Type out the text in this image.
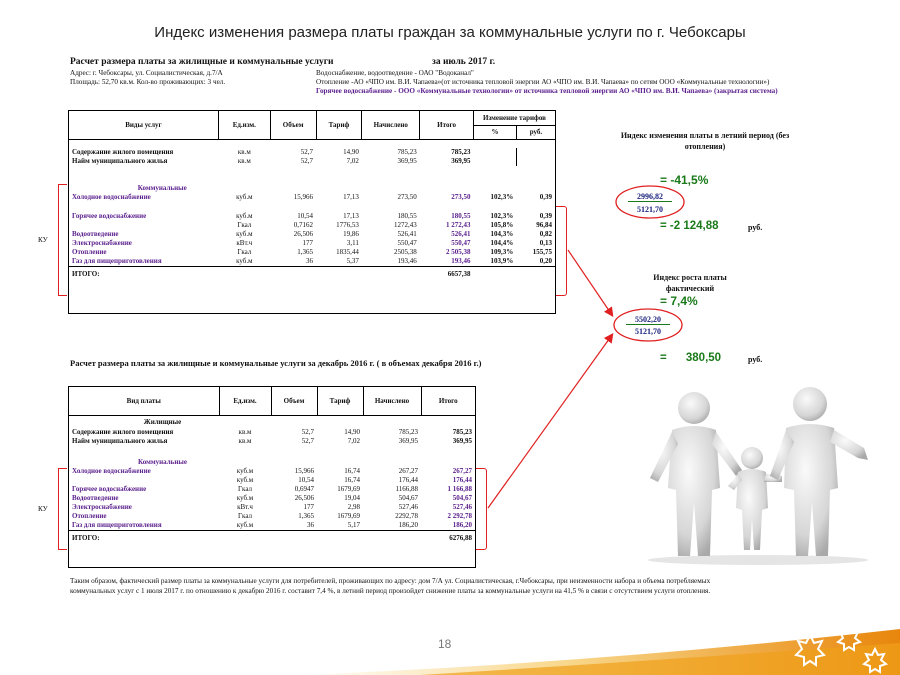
Индекс изменения размера платы граждан за коммунальные услуги по г. Чебоксары
Расчет размера платы за жилищные и коммунальные услуги	за июль 2017 г.
Адрес: г. Чебоксары, ул. Социалистическая, д.7/А
Площадь: 52,70 кв.м. Кол-во проживающих: 3 чел.
Водоснабжение, водоотведение - ОАО "Водоканал"
Отопление -АО «ЧПО им. В.И. Чапаева»(от источника тепловой энергии АО «ЧПО им. В.И. Чапаева» по сетям ООО «Коммунальные технологии»)
Горячее водоснабжение - ООО «Коммунальные технологии» от источника тепловой энергии АО «ЧПО им. В.И. Чапаева» (закрытая система)
Виды услуг	Ед.изм.	Объем	Тариф	Начислено	Итого	Изменение тарифов
% руб.	

Содержание жилого помещения	кв.м	52,7	14,90	785,23	785,23		
Найм муниципального жилья	кв.м	52,7	7,02	369,95	369,95		

Коммунальные							
Холодное водоснабжение	куб.м	15,966	17,13	273,50	273,50	102,3%	0,39

Горячее водоснабжение	куб.м	10,54	17,13	180,55	180,55	102,3%	0,39
	Гкал	0,7162	1776,53	1272,43	1 272,43	105,8%	96,84
Водоотведение	куб.м	26,506	19,86	526,41	526,41	104,3%	0,82
Электроснабжение	кВт.ч	177	3,11	550,47	550,47	104,4%	0,13
Отопление	Гкал	1,365	1835,44	2505,38	2 505,38	109,3%	155,75
Газ для пищеприготовления	куб.м	36	5,37	193,46	193,46	103,9%	0,20
ИТОГО:					6657,38		
КУ
Расчет размера платы за жилищные и коммунальные услуги за декабрь 2016 г. ( в объемах декабря 2016 г.)
Вид платы	Ед.изм.	Объем	Тариф	Начислено	Итого
Жилищные					
Содержание жилого помещения	кв.м	52,7	14,90	785,23	785,23
Найм муниципального жилья	кв.м	52,7	7,02	369,95	369,95

Коммунальные					
Холодное водоснабжение	куб.м	15,966	16,74	267,27	267,27
	куб.м	10,54	16,74	176,44	176,44
Горячее водоснабжение	Гкал	0,6947	1679,69	1166,88	1 166,88
Водоотведение	куб.м	26,506	19,04	504,67	504,67
Электроснабжение	кВт.ч	177	2,98	527,46	527,46
Отопление	Гкал	1,365	1679,69	2292,78	2 292,78
Газ для пищеприготовления	куб.м	36	5,17	186,20	186,20
ИТОГО:					6276,88
КУ
Индекс изменения платы в летний период (без отопления)
= -41,5%
2996,82
5121,70
= -2 124,88	руб.
Индекс роста платы фактический
= 7,4%
5502,20
5121,70
=      380,50	руб.
Таким образом, фактический размер платы за коммунальные услуги для потребителей, проживающих по адресу: дом 7/А ул. Социалистическая, г.Чебоксары, при неизменности набора и объема потребляемых коммунальных услуг с 1 июля 2017 г. по отношению к декабрю 2016 г. составит 7,4 %, в летний период произойдет снижение платы за коммунальные услуги на 41,5 % в связи с отсутствием услуги отопления.
18
